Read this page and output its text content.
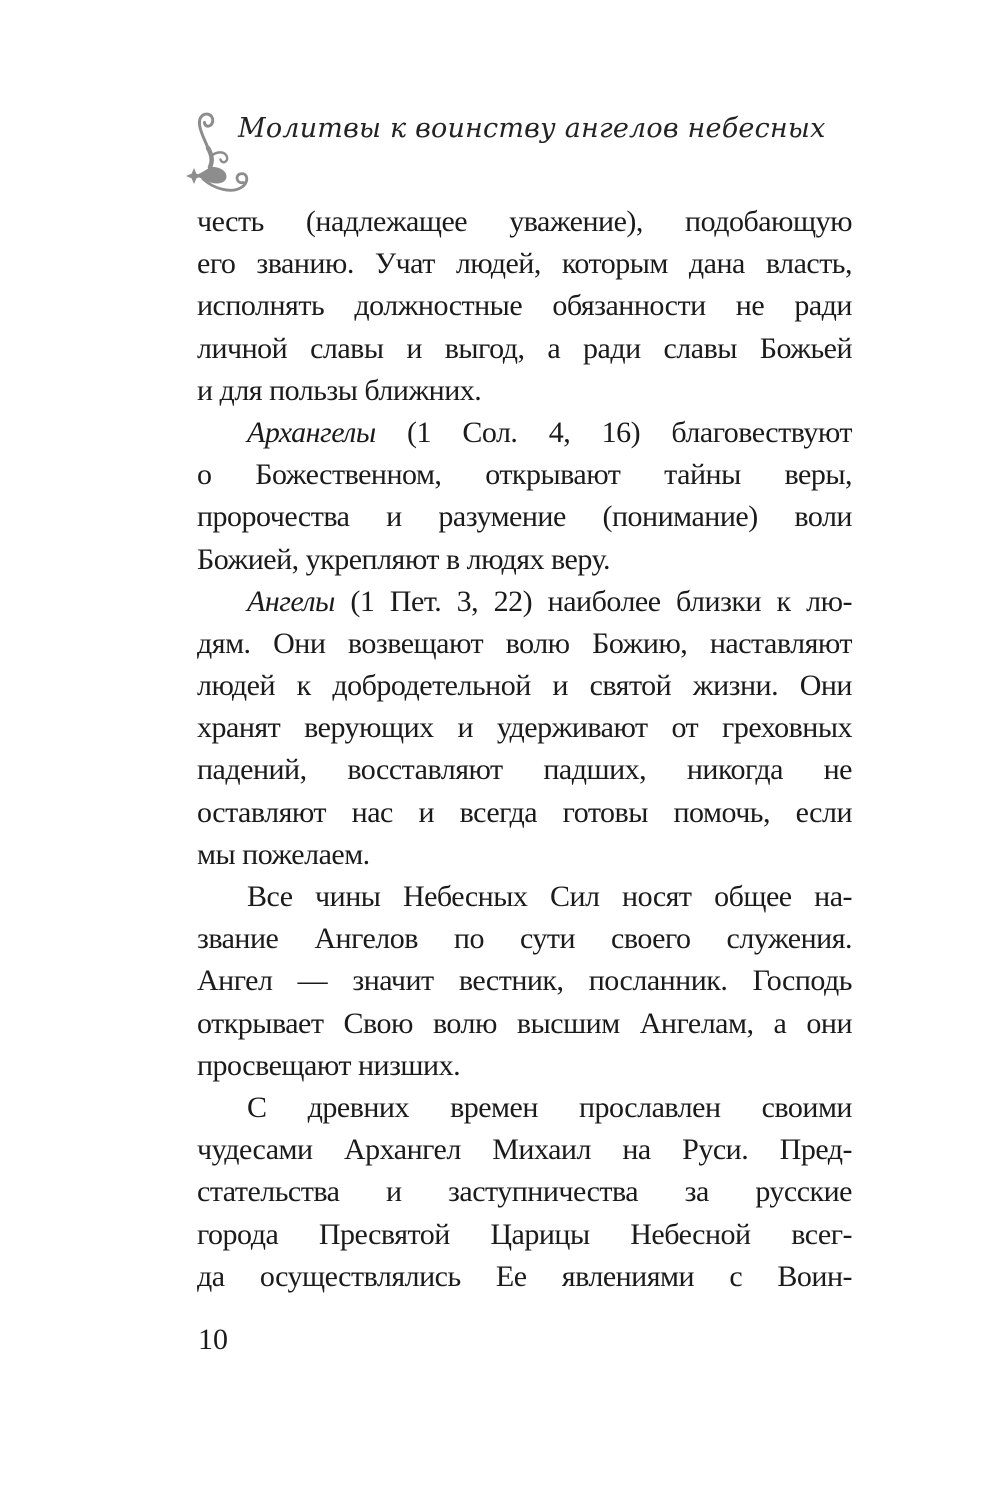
Молитвы к воинству ангелов небесных
честь (надлежащее уважение), подобающую
его званию. Учат людей, которым дана власть,
исполнять должностные обязанности не ради
личной славы и выгод, а ради славы Божьей
и для пользы ближних.
Архангелы (1 Сол. 4, 16) благовествуют
о Божественном, открывают тайны веры,
пророчества и разумение (понимание) воли
Божией, укрепляют в людях веру.
Ангелы (1 Пет. 3, 22) наиболее близки к лю-
дям. Они возвещают волю Божию, наставляют
людей к добродетельной и святой жизни. Они
хранят верующих и удерживают от греховных
падений, восставляют падших, никогда не
оставляют нас и всегда готовы помочь, если
мы пожелаем.
Все чины Небесных Сил носят общее на-
звание Ангелов по сути своего служения.
Ангел — значит вестник, посланник. Господь
открывает Свою волю высшим Ангелам, а они
просвещают низших.
С древних времен прославлен своими
чудесами Архангел Михаил на Руси. Пред-
стательства и заступничества за русские
города Пресвятой Царицы Небесной всег-
да осуществлялись Ее явлениями с Воин-
10
